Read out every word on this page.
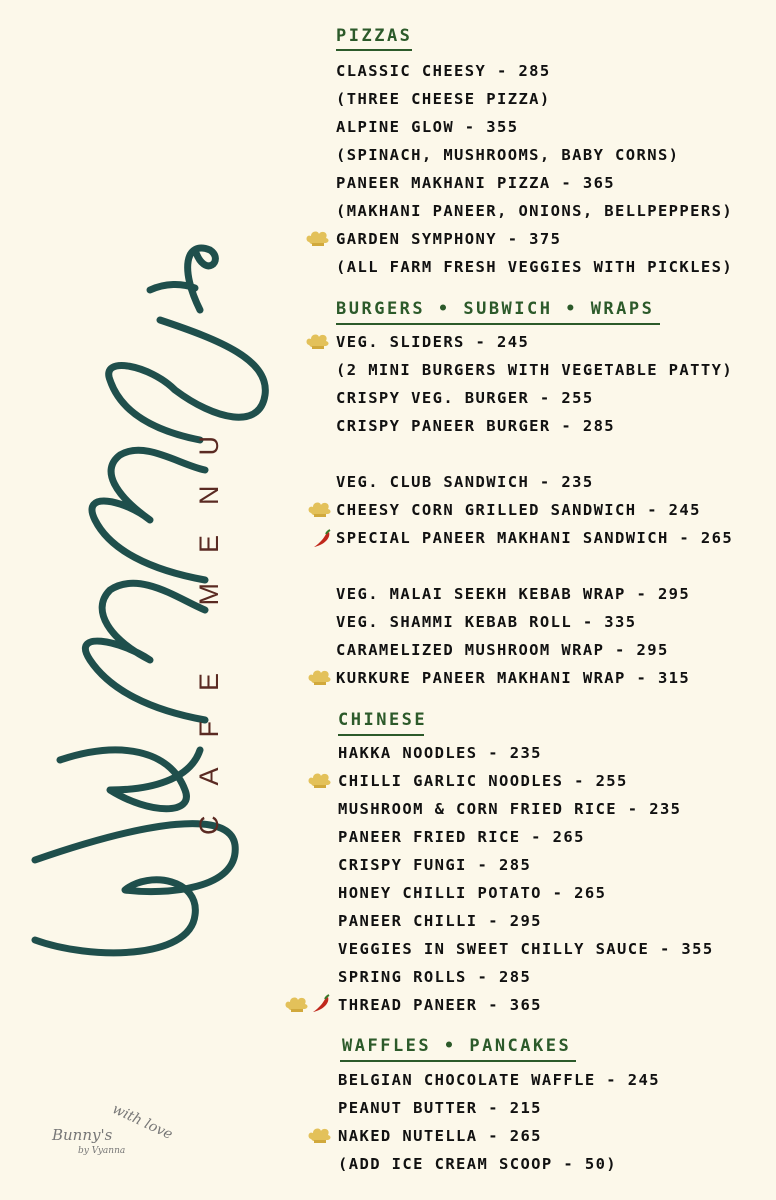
CAFE MENU
PIZZAS
CLASSIC CHEESY - 285
(THREE CHEESE PIZZA)
ALPINE GLOW - 355
(SPINACH, MUSHROOMS, BABY CORNS)
PANEER MAKHANI PIZZA - 365
(MAKHANI PANEER, ONIONS, BELLPEPPERS)
GARDEN SYMPHONY - 375
(ALL FARM FRESH VEGGIES WITH PICKLES)
BURGERS • SUBWICH • WRAPS
VEG. SLIDERS - 245
(2 MINI BURGERS WITH VEGETABLE PATTY)
CRISPY VEG. BURGER - 255
CRISPY PANEER BURGER - 285
VEG. CLUB SANDWICH - 235
CHEESY CORN GRILLED SANDWICH - 245
SPECIAL PANEER MAKHANI SANDWICH - 265
VEG. MALAI SEEKH KEBAB WRAP - 295
VEG. SHAMMI KEBAB ROLL - 335
CARAMELIZED MUSHROOM WRAP - 295
KURKURE PANEER MAKHANI WRAP - 315
CHINESE
HAKKA NOODLES - 235
CHILLI GARLIC NOODLES - 255
MUSHROOM & CORN FRIED RICE - 235
PANEER FRIED RICE - 265
CRISPY FUNGI - 285
HONEY CHILLI POTATO - 265
PANEER CHILLI - 295
VEGGIES IN SWEET CHILLY SAUCE - 355
SPRING ROLLS - 285
THREAD PANEER - 365
WAFFLES • PANCAKES
BELGIAN CHOCOLATE WAFFLE - 245
PEANUT BUTTER - 215
NAKED NUTELLA - 265
(ADD ICE CREAM SCOOP - 50)
with love
Bunny's
by Vyanna
